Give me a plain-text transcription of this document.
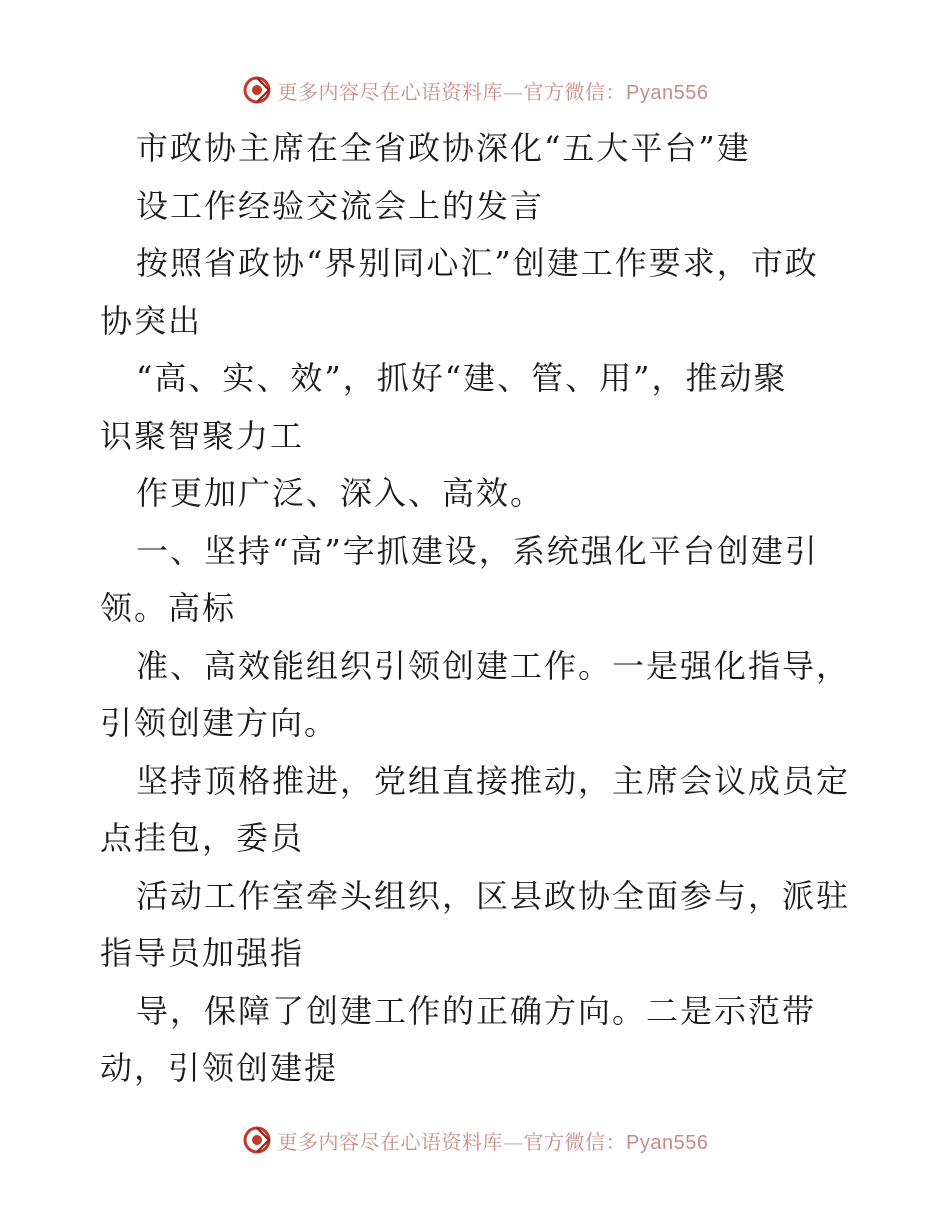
更多内容尽在心语资料库—官方微信：Pyan556
市政协主席在全省政协深化“五大平台”建
设工作经验交流会上的发言
按照省政协“界别同心汇”创建工作要求，市政
协突出
“高、实、效”，抓好“建、管、用”，推动聚
识聚智聚力工
作更加广泛、深入、高效。
一、坚持“高”字抓建设，系统强化平台创建引
领。高标
准、高效能组织引领创建工作。一是强化指导，
引领创建方向。
坚持顶格推进，党组直接推动，主席会议成员定
点挂包，委员
活动工作室牵头组织，区县政协全面参与，派驻
指导员加强指
导，保障了创建工作的正确方向。二是示范带
动，引领创建提
更多内容尽在心语资料库—官方微信：Pyan556
